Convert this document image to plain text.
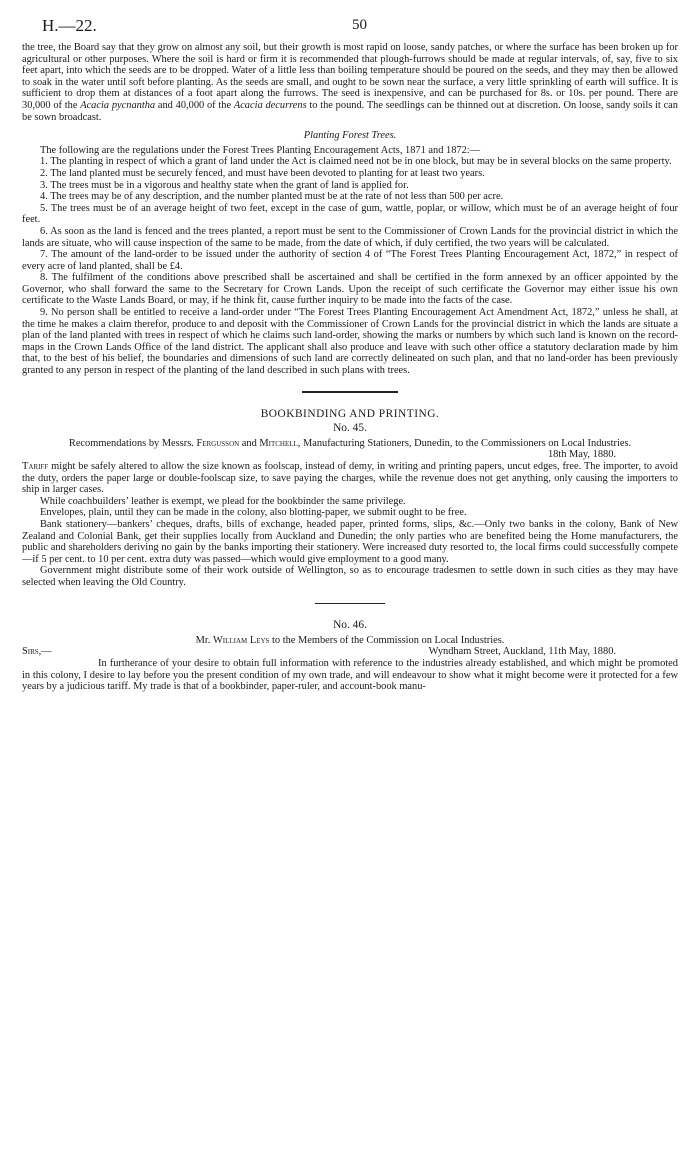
H.—22.	50

the tree, the Board say that they grow on almost any soil, but their growth is most rapid on loose, sandy patches, or where the surface has been broken up for agricultural or other purposes. Where the soil is hard or firm it is recommended that plough-furrows should be made at regular intervals, of, say, five to six feet apart, into which the seeds are to be dropped. Water of a little less than boiling temperature should be poured on the seeds, and they may then be allowed to soak in the water until soft before planting. As the seeds are small, and ought to be sown near the surface, a very little sprinkling of earth will suffice. It is sufficient to drop them at distances of a foot apart along the furrows. The seed is inexpensive, and can be purchased for 8s. or 10s. per pound. There are 30,000 of the Acacia pycnantha and 40,000 of the Acacia decurrens to the pound. The seedlings can be thinned out at discretion. On loose, sandy soils it can be sown broadcast.

Planting Forest Trees.

The following are the regulations under the Forest Trees Planting Encouragement Acts, 1871 and 1872:—

1. The planting in respect of which a grant of land under the Act is claimed need not be in one block, but may be in several blocks on the same property.

2. The land planted must be securely fenced, and must have been devoted to planting for at least two years.

3. The trees must be in a vigorous and healthy state when the grant of land is applied for.

4. The trees may be of any description, and the number planted must be at the rate of not less than 500 per acre.

5. The trees must be of an average height of two feet, except in the case of gum, wattle, poplar, or willow, which must be of an average height of four feet.

6. As soon as the land is fenced and the trees planted, a report must be sent to the Commissioner of Crown Lands for the provincial district in which the lands are situate, who will cause inspection of the same to be made, from the date of which, if duly certified, the two years will be calculated.

7. The amount of the land-order to be issued under the authority of section 4 of “The Forest Trees Planting Encouragement Act, 1872,” in respect of every acre of land planted, shall be £4.

8. The fulfilment of the conditions above prescribed shall be ascertained and shall be certified in the form annexed by an officer appointed by the Governor, who shall forward the same to the Secretary for Crown Lands. Upon the receipt of such certificate the Governor may either issue his own certificate to the Waste Lands Board, or may, if he think fit, cause further inquiry to be made into the facts of the case.

9. No person shall be entitled to receive a land-order under “The Forest Trees Planting Encouragement Act Amendment Act, 1872,” unless he shall, at the time he makes a claim therefor, produce to and deposit with the Commissioner of Crown Lands for the provincial district in which the lands are situate a plan of the land planted with trees in respect of which he claims such land-order, showing the marks or numbers by which such land is known on the record-maps in the Crown Lands Office of the land district. The applicant shall also produce and leave with such other office a statutory declaration made by him that, to the best of his belief, the boundaries and dimensions of such land are correctly delineated on such plan, and that no land-order has been previously granted to any person in respect of the planting of the land described in such plans with trees.

BOOKBINDING AND PRINTING.
No. 45.

Recommendations by Messrs. Fergusson and Mitchell, Manufacturing Stationers, Dunedin, to the Commissioners on Local Industries.

18th May, 1880.

Tariff might be safely altered to allow the size known as foolscap, instead of demy, in writing and printing papers, uncut edges, free. The importer, to avoid the duty, orders the paper large or double-foolscap size, to save paying the charges, while the revenue does not get anything, only causing the importers to ship in larger cases.

While coachbuilders’ leather is exempt, we plead for the bookbinder the same privilege.

Envelopes, plain, until they can be made in the colony, also blotting-paper, we submit ought to be free.

Bank stationery—bankers’ cheques, drafts, bills of exchange, headed paper, printed forms, slips, &c.—Only two banks in the colony, Bank of New Zealand and Colonial Bank, get their supplies locally from Auckland and Dunedin; the only parties who are benefited being the Home manufacturers, the public and shareholders deriving no gain by the banks importing their stationery. Were increased duty resorted to, the local firms could successfully compete—if 5 per cent. to 10 per cent. extra duty was passed—which would give employment to a good many.

Government might distribute some of their work outside of Wellington, so as to encourage tradesmen to settle down in such cities as they may have selected when leaving the Old Country.

No. 46.

Mr. William Leys to the Members of the Commission on Local Industries.

Sirs,—	Wyndham Street, Auckland, 11th May, 1880.

In furtherance of your desire to obtain full information with reference to the industries already established, and which might be promoted in this colony, I desire to lay before you the present condition of my own trade, and will endeavour to show what it might become were it protected for a few years by a judicious tariff. My trade is that of a bookbinder, paper-ruler, and account-book manu-
